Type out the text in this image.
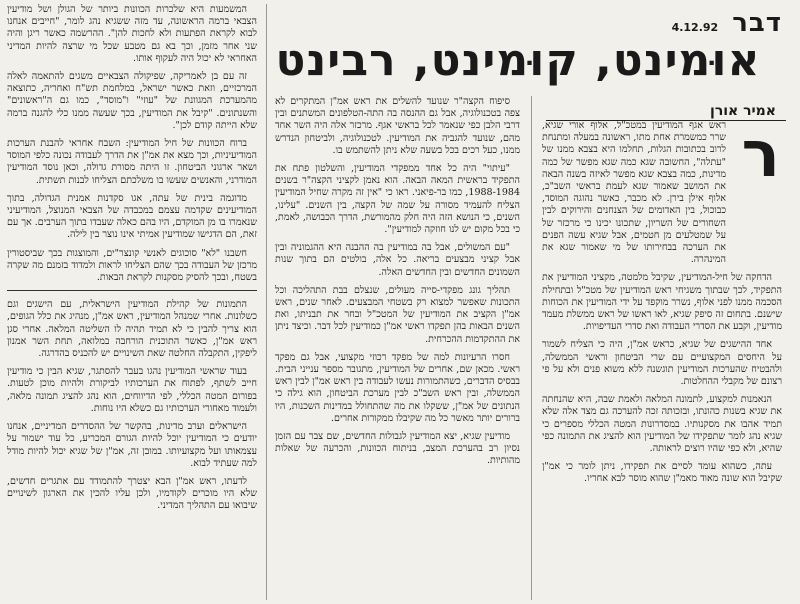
דבר
4.12.92
אוּמינט, קוּמינט, רבינט
אמיר אורן
ר

ראש אגף המודיעין במטכ"ל, אלוף אורי שגיא, שרר כמשמרת אחת מתו, ראשונה במעלה ומתנחת לרוב בכתובות הגלות, תחלמו היא בצבא ממנו של "עתלה", החשובה שגא כמה שגא מפשר של כמה מדינות, כמה בצבא שגא מפשר לאיזה בשנה הבאה את המושב שאמור שגא לעמת בראשי השב"כ, אלוף אילן בירן. לא מכבר, כאשר נהוגה המוסד, כבוכול, בין האדומים של הצנחנים והירוקים לבין השחורים של השריון, שתכונו יכינו כי מרכזר של על שמטלעים מן חטמים, אבל שגיא עשה הפנים את הערכה בבחירותו של מי שאמור שגא את המינהרה.

הדחקה של חיל-המודיעין, שקיבל מלמטה, מקציני המודיעין את התפקיד, לכך שבתוך משגיחי ראש המודיעין של מטכ"ל ובתחילת הסכמה ממנו לפני אלוף, נשרר מוקפד על ידי המודיעין את הכוחות שישנם. בתחום זה סיפק שגיא, לאו ראשו של ראש ממשלת מעמד מודיעין, וקבע את הסדרי העבודה ואת סדרי העדיפויות.

אחד ההישגים של שגיא, כראש אמ"ן, היה כי הצליח לשמור על היחסים המקצועיים עם שרי הביטחון וראשי הממשלה, ולהבטיח שהערכות המודיעין תוגשנה ללא משוא פנים ולא על פי רצונם של מקבלי ההחלטות.

הנאמנות למקצוע, לתמונה המלאה ולאמת שבה, היא שהנחתה את שגיא בשנות כהונתו, ובזכותה זכה להערכה גם מצד אלה שלא תמיד אהבו את מסקנותיו. במסדרונות המטה הכללי מספרים כי שגיא נהג לומר שתפקידו של המודיעין הוא להציג את התמונה כפי שהיא, ולא כפי שהיו רוצים לראותה.

עתה, כשהוא עומד לסיים את תפקידו, ניתן לומר כי אמ"ן שקיבל הוא שונה מאוד מאמ"ן שהוא מוסר לבא אחריו.

סיפוח הקצה"ר שנועד להשלים את ראש אמ"ן המתקרים לא צפה בטכנולוגיה, אבל גם ההנסה בה התה-הטלפונים המשתנים ובין דרבי הלבן כפי שנאמר לכל בראשי אגף. מרכזר אלה היה השר אחד מהם, שנועד להגביה את המודיעין. לטכנולוגיה, ולביטחון הנדרש ממנו, כעל רכים בכל בשעה שלא ניתן להשתמש בו.

"עיתוי" היה כל אחד ממפקדי המודיעין, והשלטון פתח את התפקיד בראשית המאה הבאה. הוא נאמן לקציני הקצה"ר בשנים 1988-1984, כמו בר-פיאני. ראו כי "אין זה מקרה שחיל המודיעין הצליח להעמיד מסורה על שמה של הקצה, בין השנים. "עלינו, השנים, כי הנושא הזה היה חלק מהמורשת, הדרך הכבושה, לאמת, כי בכל מקום יש לנו חוזקה למודיעין".

"עם המשולים, אבל בה במודיעין בה ההבנה היא ההגמוניה ובין אבל קציני מבצעים בריאה. כל אלה, בולטים הם בתוך שנות השמונים החדשים ובין החדשים האלה.

תהליך גונג מפקדי-סייה מעולים, שנצלם בבת התהליכה וכל התכונות שאפשר למצוא רק בשטחי המבצעים. לאחר שנים, ראש אמ"ן הקציב את המודיעין של המטכ"ל ובחר את תבניתו, ואת השנים הבאות בהן תפקדו ראשי אמ"ן כמודיעין לכל דבר. וכיצד ניתן את ההתקדמות ההכרחית.

חסרו הרעיונות למה של מפקד רכוזי מקצועי, אבל גם מפקד ראשי. מכאן שם, אחרים של המודיעין, מתגובר מספר ענייני הבית. בבסיס הדברים, כשהתמורות נעשו לעבודה בין ראש אמ"ן לבין ראש הממשלה, ובין ראש השב"כ לבין מערכת הביטחון, הוא גילה כי הנתונים של אמ"ן, ששקלו את מה שהתחולל במדינות השכנות, היו ברורים יותר מאשר כל מה שקיבלו ממקורות אחרים.

מודיעין שגיא, יצא המודיעין לגבולות החדשים, שם צבר עם הזמן נסיון רב בהערכת המצב, בניתוח הכוונות, והכרעה של שאלות מהותיות.

המשמעות היא שלכרות הכוונות ביותר של הגולן ושל מודיעין הצבאי ברמה הראשונה, עד מזה ששגיא נהג לומר, "חייבים אנחנו לבוא לקראת הפתעות ולא לחכות להן". ההרשמה כאשר ריגן והיה שני אחר מזמן, וכך בא גם מטבע שכל מי שרצה להיות המדיני האחראי לא יכול היה לעקוף אותו.

זה עם בן לאמריקה, שפיקולה הצבאיים משגים להתאמה לאלה המרכזיים, וזאת כאשר ישראל, במלחמת תש"ח ואחריה, כתוצאה מהמערכת המגוונת של "עוזי" ו"מוסד", כמו גם ה"ראשונים" והשנתונים. "קיבל את המודיעין, בכך שעשה ממנו כלי להגנה ברמה שלא הייתה קודם לכן".

ברוח הכוונות של חיל המודיעין: השבח אחראי להבנת הערכות המודיעיניות, וכך מצא את אמ"ן את הדרך לעבודה נכונה כלפי המוסד ושאר ארגוני הביטחון. זו היתה מסורת גדולה, וכאן נוסד המודיעין המודרני, והאנשים שעשו בו משלכתם הצליחו לבנות תשתית.

מדוגמה בינית של עתה, אגו סקדנות אמנית הגדולה, בתוך המודיעינים שקדמה עצמם במכבדה של הצבאי המנוצל, המודיעיני שנאמרו בו מן המוקדם, היו בהם כאלה שעבדו בתוך הערבים. אך עם זאת, הם הדגישו שמודיעין אמיתי אינו נוצר בין לילה.

חשבנו "לא" סוכוגים לאנשי קונצר"ים, והמוצגות בכך שביסטורין מרכזן של העבודה בכך שהם הצליחו לראות ולמדוד בזמנם מה שקרה בשטח, ובכך להסיק מסקנות לקראת הבאות.

התמונות של קהילת המודיעין הישראלית, עם הישגים וגם כשלונות. אחרי שמנהל המודיעין, ראש אמ"ן, מנהיג את כלל הגופים, הוא צריך להבין כי לא תמיד תהיה לו השליטה המלאה. אחרי סגן ראש אמ"ן, כאשר התוכנית הורחבה במלואה, תחת השר אמנון ליפקין, התקבלה החלטה שאת השינויים יש להכניס בהדרגה.

בעוד שראשי המודיעין נהגו בעבר להסתגר, שגיא הבין כי מודיעין חייב לשתף, לפתוח את הערכותיו לביקורת ולהיות מוכן לטעות. בפורום המטה הכללי, לפי הדיווחים, הוא נהג להציג תמונה מלאה, ולעמוד מאחורי הערכותיו גם כשלא היו נוחות.

הישראלים וערב מדינות, בהקשר של ההסדרים המדיניים, אנחנו יודעים כי המודיעין יוכל להיות הגורם המכריע, כל עוד ישמור על עצמאותו ועל מקצועיותו. במובן זה, אמ"ן של שגיא יכול להיות מודל למה שעתיד לבוא.

לדעתו, ראש אמ"ן הבא יצטרך להתמודד עם אתגרים חדשים, שלא היו מוכרים לקודמיו, ולכן עליו להכין את הארגון לשינויים שיבואו עם התהליך המדיני.
